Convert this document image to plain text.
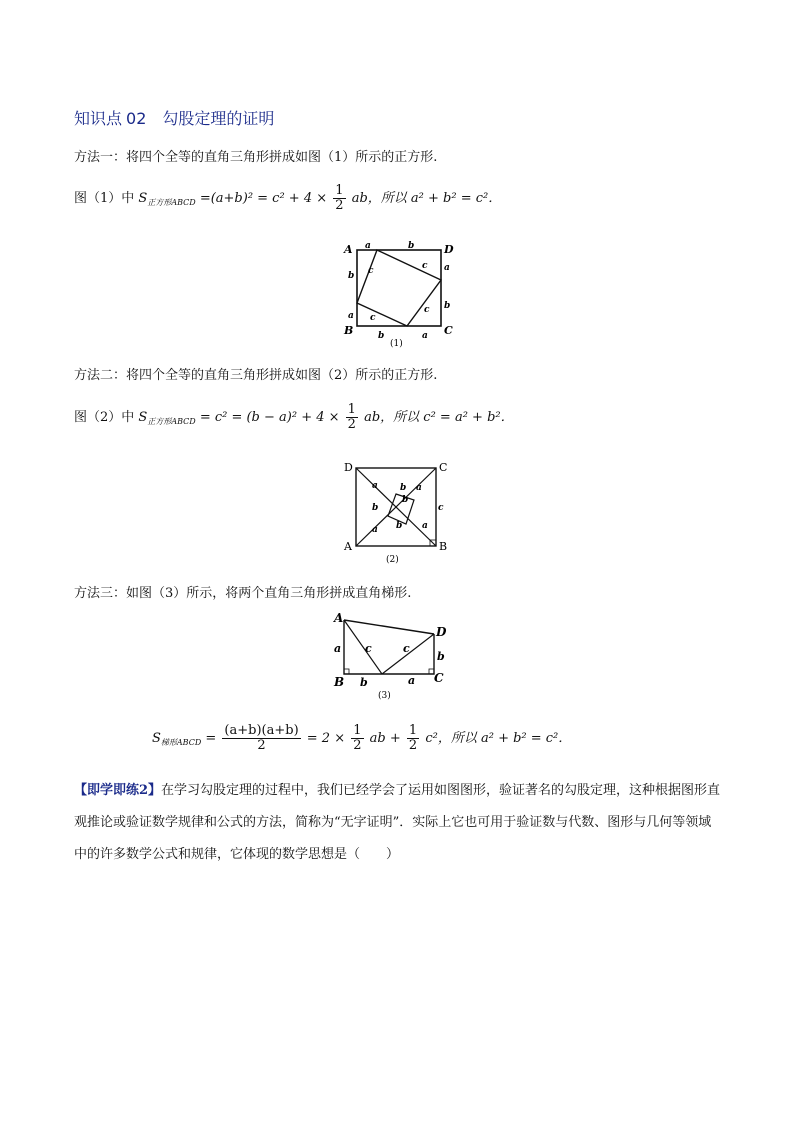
知识点 02 勾股定理的证明
方法一：将四个全等的直角三角形拼成如图（1）所示的正方形.
图（1）中 $S_{正方形ABCD} =(a+b)^2 = c^2 + 4 \times \frac{1}{2}$ ab，所以 a² + b² = c²．
A	D
B	C
a	b
b
a
a
b
b	a
c	c
c
c
(1)
方法二：将四个全等的直角三角形拼成如图（2）所示的正方形.
图（2）中 $S_{正方形ABCD} = c^2 = (b - a)^2 + 4 \times \frac{1}{2}$ ab，所以 c² = a² + b²．
D	C
A	B
a b a
b
b
c
a b a
(2)
方法三：如图（3）所示，将两个直角三角形拼成直角梯形.
A
D
B	C
a c	c
b
b	a
(3)
$S_{梯形ABCD} = \frac{(a+b)(a+b)}{2} = 2 \times \frac{1}{2}$ ab + $\frac{1}{2} c^2$，所以 a² + b² = c²．
【即学即练2】在学习勾股定理的过程中，我们已经学会了运用如图图形，验证著名的勾股定理，这种根据图形直观推论或验证数学规律和公式的方法，简称为“无字证明”．实际上它也可用于验证数与代数、图形与几何等领域中的许多数学公式和规律，它体现的数学思想是（　　）
